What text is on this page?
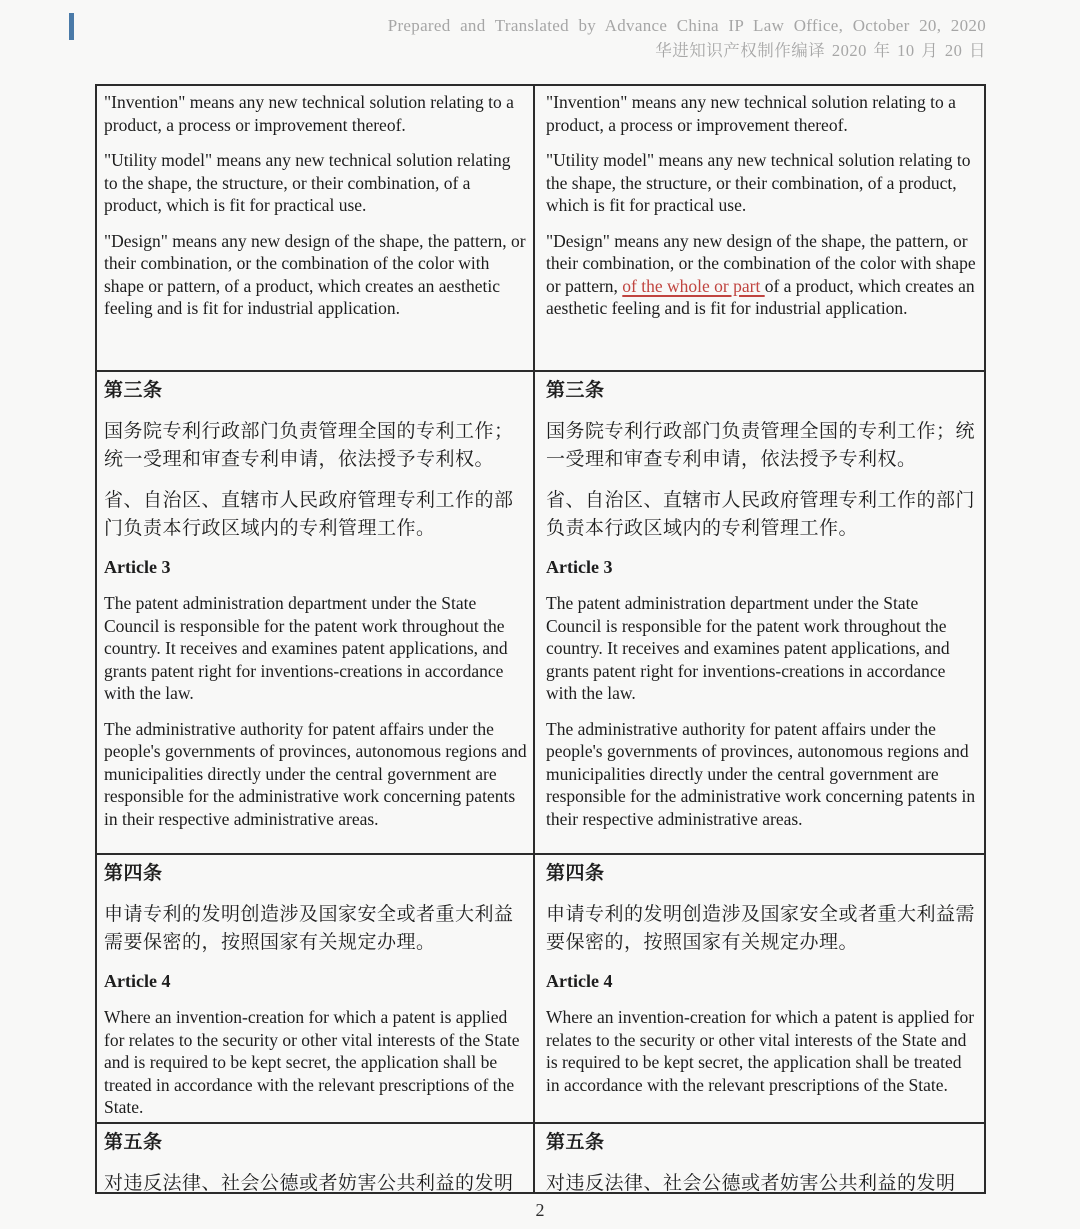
Prepared and Translated by Advance China IP Law Office, October 20, 2020
华进知识产权制作编译 2020 年 10 月 20 日

"Invention" means any new technical solution relating to a product, a process or improvement thereof.

"Utility model" means any new technical solution relating to the shape, the structure, or their combination, of a product, which is fit for practical use.

"Design" means any new design of the shape, the pattern, or their combination, or the combination of the color with shape or pattern, of a product, which creates an aesthetic feeling and is fit for industrial application.

"Invention" means any new technical solution relating to a product, a process or improvement thereof.

"Utility model" means any new technical solution relating to the shape, the structure, or their combination, of a product, which is fit for practical use.

"Design" means any new design of the shape, the pattern, or their combination, or the combination of the color with shape or pattern, of the whole or part of a product, which creates an aesthetic feeling and is fit for industrial application.

第三条

国务院专利行政部门负责管理全国的专利工作；统一受理和审查专利申请，依法授予专利权。

省、自治区、直辖市人民政府管理专利工作的部门负责本行政区域内的专利管理工作。

Article 3

The patent administration department under the State Council is responsible for the patent work throughout the country. It receives and examines patent applications, and grants patent right for inventions-creations in accordance with the law.

The administrative authority for patent affairs under the people's governments of provinces, autonomous regions and municipalities directly under the central government are responsible for the administrative work concerning patents in their respective administrative areas.

第三条

国务院专利行政部门负责管理全国的专利工作；统一受理和审查专利申请，依法授予专利权。

省、自治区、直辖市人民政府管理专利工作的部门负责本行政区域内的专利管理工作。

Article 3

The patent administration department under the State Council is responsible for the patent work throughout the country. It receives and examines patent applications, and grants patent right for inventions-creations in accordance with the law.

The administrative authority for patent affairs under the people's governments of provinces, autonomous regions and municipalities directly under the central government are responsible for the administrative work concerning patents in their respective administrative areas.

第四条

申请专利的发明创造涉及国家安全或者重大利益需要保密的，按照国家有关规定办理。

Article 4

Where an invention-creation for which a patent is applied for relates to the security or other vital interests of the State and is required to be kept secret, the application shall be treated in accordance with the relevant prescriptions of the State.

第四条

申请专利的发明创造涉及国家安全或者重大利益需要保密的，按照国家有关规定办理。

Article 4

Where an invention-creation for which a patent is applied for relates to the security or other vital interests of the State and is required to be kept secret, the application shall be treated in accordance with the relevant prescriptions of the State.

第五条

对违反法律、社会公德或者妨害公共利益的发明

第五条

对违反法律、社会公德或者妨害公共利益的发明

2
